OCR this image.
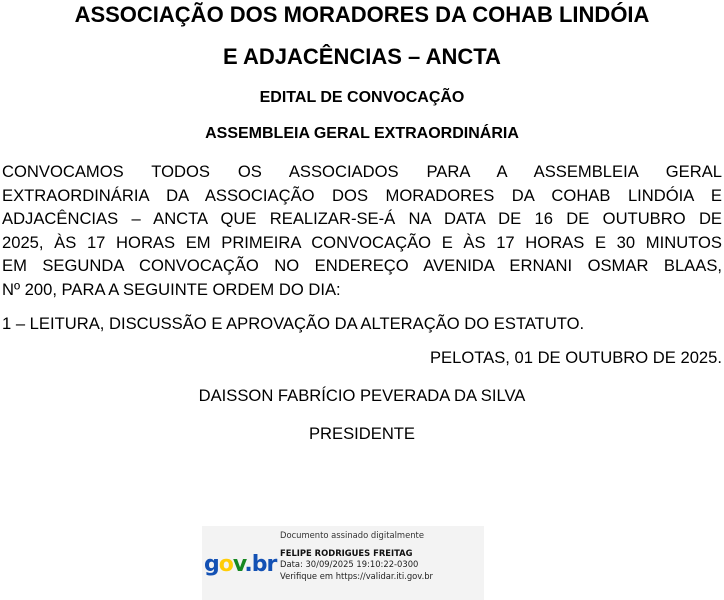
ASSOCIAÇÃO DOS MORADORES DA COHAB LINDÓIA
E ADJACÊNCIAS – ANCTA
EDITAL DE CONVOCAÇÃO
ASSEMBLEIA GERAL EXTRAORDINÁRIA
CONVOCAMOS TODOS OS ASSOCIADOS PARA A ASSEMBLEIA GERAL
EXTRAORDINÁRIA DA ASSOCIAÇÃO DOS MORADORES DA COHAB LINDÓIA E
ADJACÊNCIAS – ANCTA QUE REALIZAR-SE-Á NA DATA DE 16 DE OUTUBRO DE
2025, ÀS 17 HORAS EM PRIMEIRA CONVOCAÇÃO E ÀS 17 HORAS E 30 MINUTOS
EM SEGUNDA CONVOCAÇÃO NO ENDEREÇO AVENIDA ERNANI OSMAR BLAAS,
Nº 200, PARA A SEGUINTE ORDEM DO DIA:
1 – LEITURA, DISCUSSÃO E APROVAÇÃO DA ALTERAÇÃO DO ESTATUTO.
PELOTAS, 01 DE OUTUBRO DE 2025.
DAISSON FABRÍCIO PEVERADA DA SILVA
PRESIDENTE
gov.br
Documento assinado digitalmente
FELIPE RODRIGUES FREITAG
Data: 30/09/2025 19:10:22-0300
Verifique em https://validar.iti.gov.br
